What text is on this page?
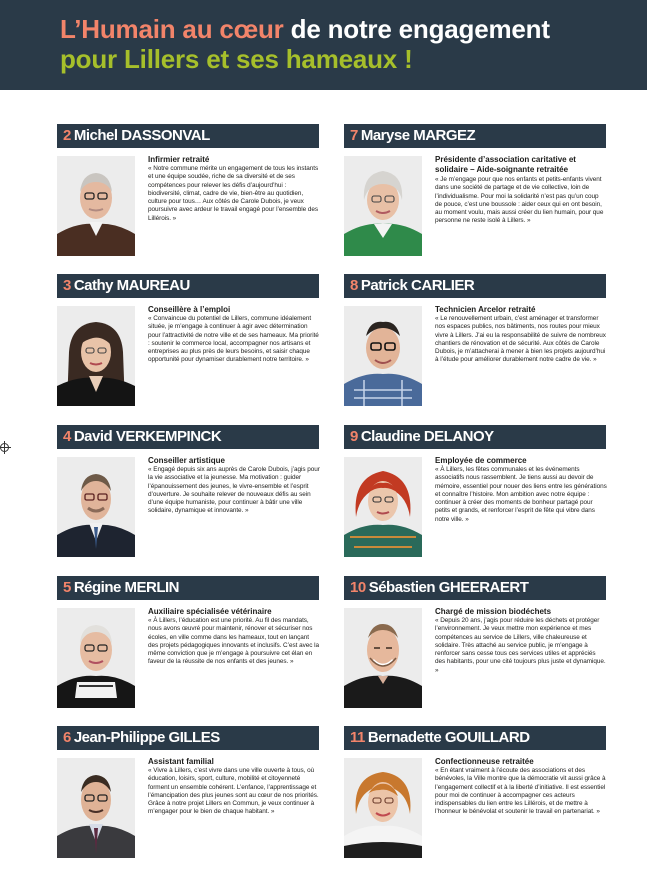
L’Humain au cœur de notre engagement
pour Lillers et ses hameaux !
2 Michel DASSONVAL
Infirmier retraité
« Notre commune mérite un engagement de tous les instants et une équipe soudée, riche de sa diversité et de ses compétences pour relever les défis d’aujourd’hui : biodiversité, climat, cadre de vie, bien-être au quotidien, culture pour tous… Aux côtés de Carole Dubois, je veux poursuivre avec ardeur le travail engagé pour l’ensemble des Lillérois. »
3 Cathy MAUREAU
Conseillère à l’emploi
« Convaincue du potentiel de Lillers, commune idéalement située, je m’engage à continuer à agir avec détermination pour l’attractivité de notre ville et de ses hameaux. Ma priorité : soutenir le commerce local, accompagner nos artisans et entreprises au plus près de leurs besoins, et saisir chaque opportunité pour dynamiser durablement notre territoire. »
4 David VERKEMPINCK
Conseiller artistique
« Engagé depuis six ans auprès de Carole Dubois, j’agis pour la vie associative et la jeunesse. Ma motivation : guider l’épanouissement des jeunes, le vivre-ensemble et l’esprit d’ouverture. Je souhaite relever de nouveaux défis au sein d’une équipe humaniste, pour continuer à bâtir une ville solidaire, dynamique et innovante. »
5 Régine MERLIN
Auxiliaire spécialisée vétérinaire
« À Lillers, l’éducation est une priorité. Au fil des mandats, nous avons œuvré pour maintenir, rénover et sécuriser nos écoles, en ville comme dans les hameaux, tout en lançant des projets pédagogiques innovants et inclusifs. C’est avec la même conviction que je m’engage à poursuivre cet élan en faveur de la réussite de nos enfants et des jeunes. »
6 Jean-Philippe GILLES
Assistant familial
« Vivre à Lillers, c’est vivre dans une ville ouverte à tous, où éducation, loisirs, sport, culture, mobilité et citoyenneté forment un ensemble cohérent. L’enfance, l’apprentissage et l’émancipation des plus jeunes sont au cœur de nos priorités. Grâce à notre projet Lillers en Commun, je veux continuer à m’engager pour le bien de chaque habitant. »
7 Maryse MARGEZ
Présidente d’association caritative et solidaire – Aide-soignante retraitée
« Je m’engage pour que nos enfants et petits-enfants vivent dans une société de partage et de vie collective, loin de l’individualisme. Pour moi la solidarité n’est pas qu’un coup de pouce, c’est une boussole : aider ceux qui en ont besoin, au moment voulu, mais aussi créer du lien humain, pour que personne ne reste isolé à Lillers. »
8 Patrick CARLIER
Technicien Arcelor retraité
« Le renouvellement urbain, c’est aménager et transformer nos espaces publics, nos bâtiments, nos routes pour mieux vivre à Lillers. J’ai eu la responsabilité de suivre de nombreux chantiers de rénovation et de sécurité. Aux côtés de Carole Dubois, je m’attacherai à mener à bien les projets aujourd’hui à l’étude pour améliorer durablement notre cadre de vie. »
9 Claudine DELANOY
Employée de commerce
« À Lillers, les fêtes communales et les événements associatifs nous rassemblent. Je tiens aussi au devoir de mémoire, essentiel pour nouer des liens entre les générations et connaître l’histoire. Mon ambition avec notre équipe : continuer à créer des moments de bonheur partagé pour petits et grands, et renforcer l’esprit de fête qui vibre dans notre ville. »
10 Sébastien GHEERAERT
Chargé de mission biodéchets
« Depuis 20 ans, j’agis pour réduire les déchets et protéger l’environnement. Je veux mettre mon expérience et mes compétences au service de Lillers, ville chaleureuse et solidaire. Très attaché au service public, je m’engage à renforcer sans cesse tous ces services utiles et appréciés des habitants, pour une cité toujours plus juste et dynamique. »
11 Bernadette GOUILLARD
Confectionneuse retraitée
« En étant vraiment à l’écoute des associations et des bénévoles, la Ville montre que la démocratie vit aussi grâce à l’engagement collectif et à la liberté d’initiative. Il est essentiel pour moi de continuer à accompagner ces acteurs indispensables du lien entre les Lillérois, et de mettre à l’honneur le bénévolat et soutenir le travail en partenariat. »
